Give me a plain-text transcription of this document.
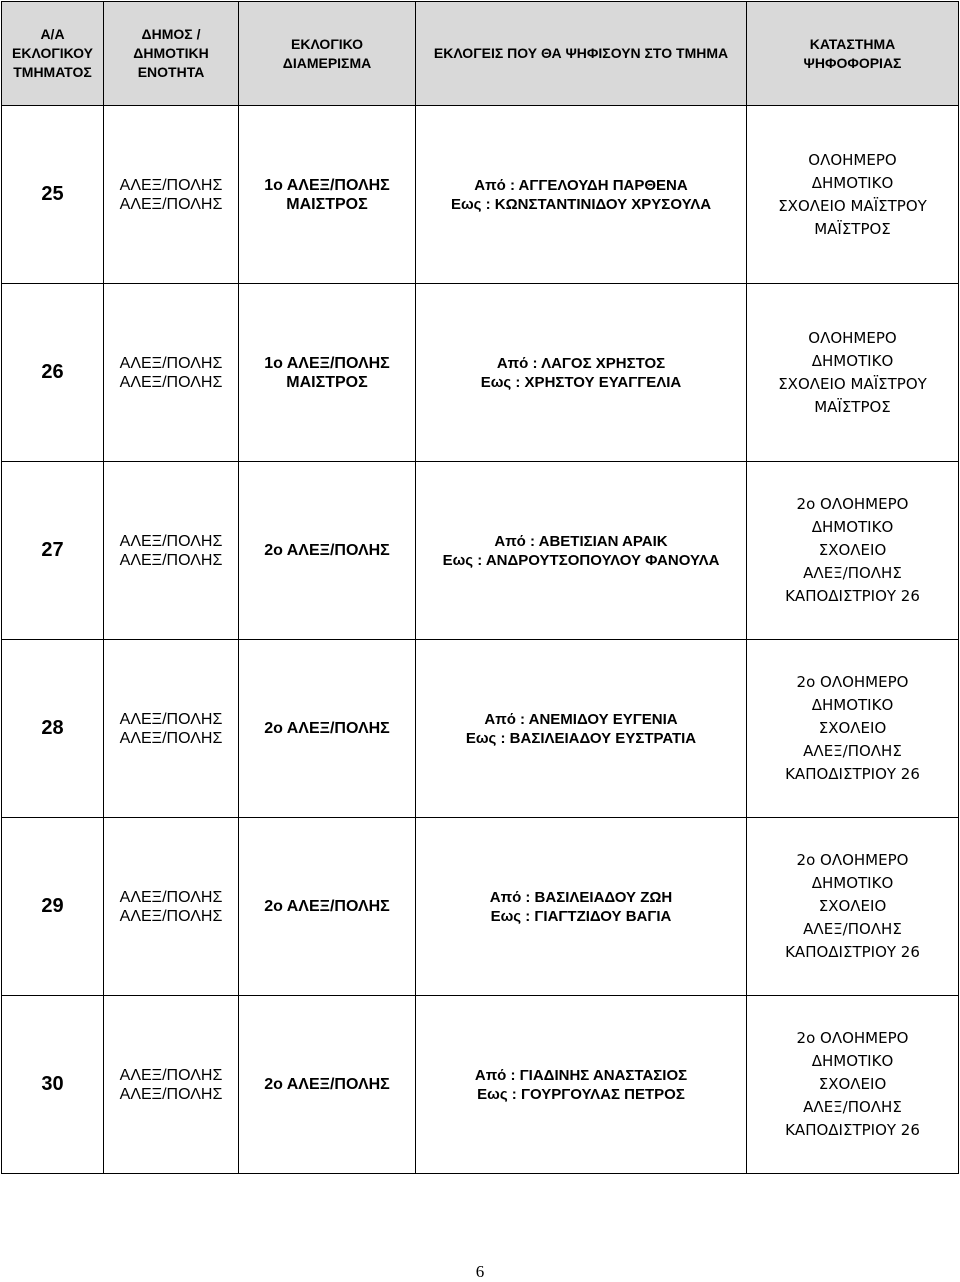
Α/Α
ΕΚΛΟΓΙΚΟΥ
ΤΜΗΜΑΤΟΣ	ΔΗΜΟΣ /
ΔΗΜΟΤΙΚΗ
ΕΝΟΤΗΤΑ	ΕΚΛΟΓΙΚΟ
ΔΙΑΜΕΡΙΣΜΑ	ΕΚΛΟΓΕΙΣ ΠΟΥ ΘΑ ΨΗΦΙΣΟΥΝ ΣΤΟ ΤΜΗΜΑ	ΚΑΤΑΣΤΗΜΑ
ΨΗΦΟΦΟΡΙΑΣ

25	ΑΛΕΞ/ΠΟΛΗΣ
ΑΛΕΞ/ΠΟΛΗΣ	1ο ΑΛΕΞ/ΠΟΛΗΣ
ΜΑΙΣΤΡΟΣ	Από : ΑΓΓΕΛΟΥΔΗ ΠΑΡΘΕΝΑ
Εως : ΚΩΝΣΤΑΝΤΙΝΙΔΟΥ ΧΡΥΣΟΥΛΑ	ΟΛΟΗΜΕΡΟ
ΔΗΜΟΤΙΚΟ
ΣΧΟΛΕΙΟ ΜΑΪΣΤΡΟΥ
ΜΑΪΣΤΡΟΣ

26	ΑΛΕΞ/ΠΟΛΗΣ
ΑΛΕΞ/ΠΟΛΗΣ	1ο ΑΛΕΞ/ΠΟΛΗΣ
ΜΑΙΣΤΡΟΣ	Από : ΛΑΓΟΣ ΧΡΗΣΤΟΣ
Εως : ΧΡΗΣΤΟΥ ΕΥΑΓΓΕΛΙΑ	ΟΛΟΗΜΕΡΟ
ΔΗΜΟΤΙΚΟ
ΣΧΟΛΕΙΟ ΜΑΪΣΤΡΟΥ
ΜΑΪΣΤΡΟΣ

27	ΑΛΕΞ/ΠΟΛΗΣ
ΑΛΕΞ/ΠΟΛΗΣ	2ο ΑΛΕΞ/ΠΟΛΗΣ	Από : ΑΒΕΤΙΣΙΑΝ ΑΡΑΙΚ
Εως : ΑΝΔΡΟΥΤΣΟΠΟΥΛΟΥ ΦΑΝΟΥΛΑ	2ο ΟΛΟΗΜΕΡΟ
ΔΗΜΟΤΙΚΟ
ΣΧΟΛΕΙΟ
ΑΛΕΞ/ΠΟΛΗΣ
ΚΑΠΟΔΙΣΤΡΙΟΥ 26

28	ΑΛΕΞ/ΠΟΛΗΣ
ΑΛΕΞ/ΠΟΛΗΣ	2ο ΑΛΕΞ/ΠΟΛΗΣ	Από : ΑΝΕΜΙΔΟΥ ΕΥΓΕΝΙΑ
Εως : ΒΑΣΙΛΕΙΑΔΟΥ ΕΥΣΤΡΑΤΙΑ	2ο ΟΛΟΗΜΕΡΟ
ΔΗΜΟΤΙΚΟ
ΣΧΟΛΕΙΟ
ΑΛΕΞ/ΠΟΛΗΣ
ΚΑΠΟΔΙΣΤΡΙΟΥ 26

29	ΑΛΕΞ/ΠΟΛΗΣ
ΑΛΕΞ/ΠΟΛΗΣ	2ο ΑΛΕΞ/ΠΟΛΗΣ	Από : ΒΑΣΙΛΕΙΑΔΟΥ ΖΩΗ
Εως : ΓΙΑΓΤΖΙΔΟΥ ΒΑΓΙΑ	2ο ΟΛΟΗΜΕΡΟ
ΔΗΜΟΤΙΚΟ
ΣΧΟΛΕΙΟ
ΑΛΕΞ/ΠΟΛΗΣ
ΚΑΠΟΔΙΣΤΡΙΟΥ 26

30	ΑΛΕΞ/ΠΟΛΗΣ
ΑΛΕΞ/ΠΟΛΗΣ	2ο ΑΛΕΞ/ΠΟΛΗΣ	Από : ΓΙΑΔΙΝΗΣ ΑΝΑΣΤΑΣΙΟΣ
Εως : ΓΟΥΡΓΟΥΛΑΣ ΠΕΤΡΟΣ	2ο ΟΛΟΗΜΕΡΟ
ΔΗΜΟΤΙΚΟ
ΣΧΟΛΕΙΟ
ΑΛΕΞ/ΠΟΛΗΣ
ΚΑΠΟΔΙΣΤΡΙΟΥ 26
6
